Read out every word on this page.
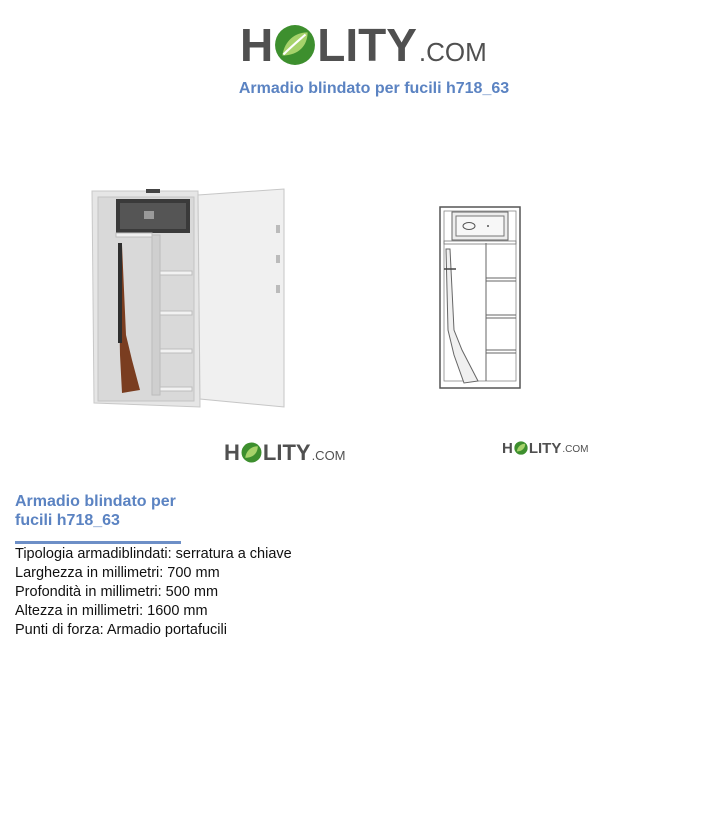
H LITY .COM
Armadio blindato per fucili h718_63
H LITY .COM	H LITY .COM
Armadio blindato per
fucili h718_63
Tipologia armadiblindati: serratura a chiave
Larghezza in millimetri: 700 mm
Profondità in millimetri: 500 mm
Altezza in millimetri: 1600 mm
Punti di forza: Armadio portafucili
